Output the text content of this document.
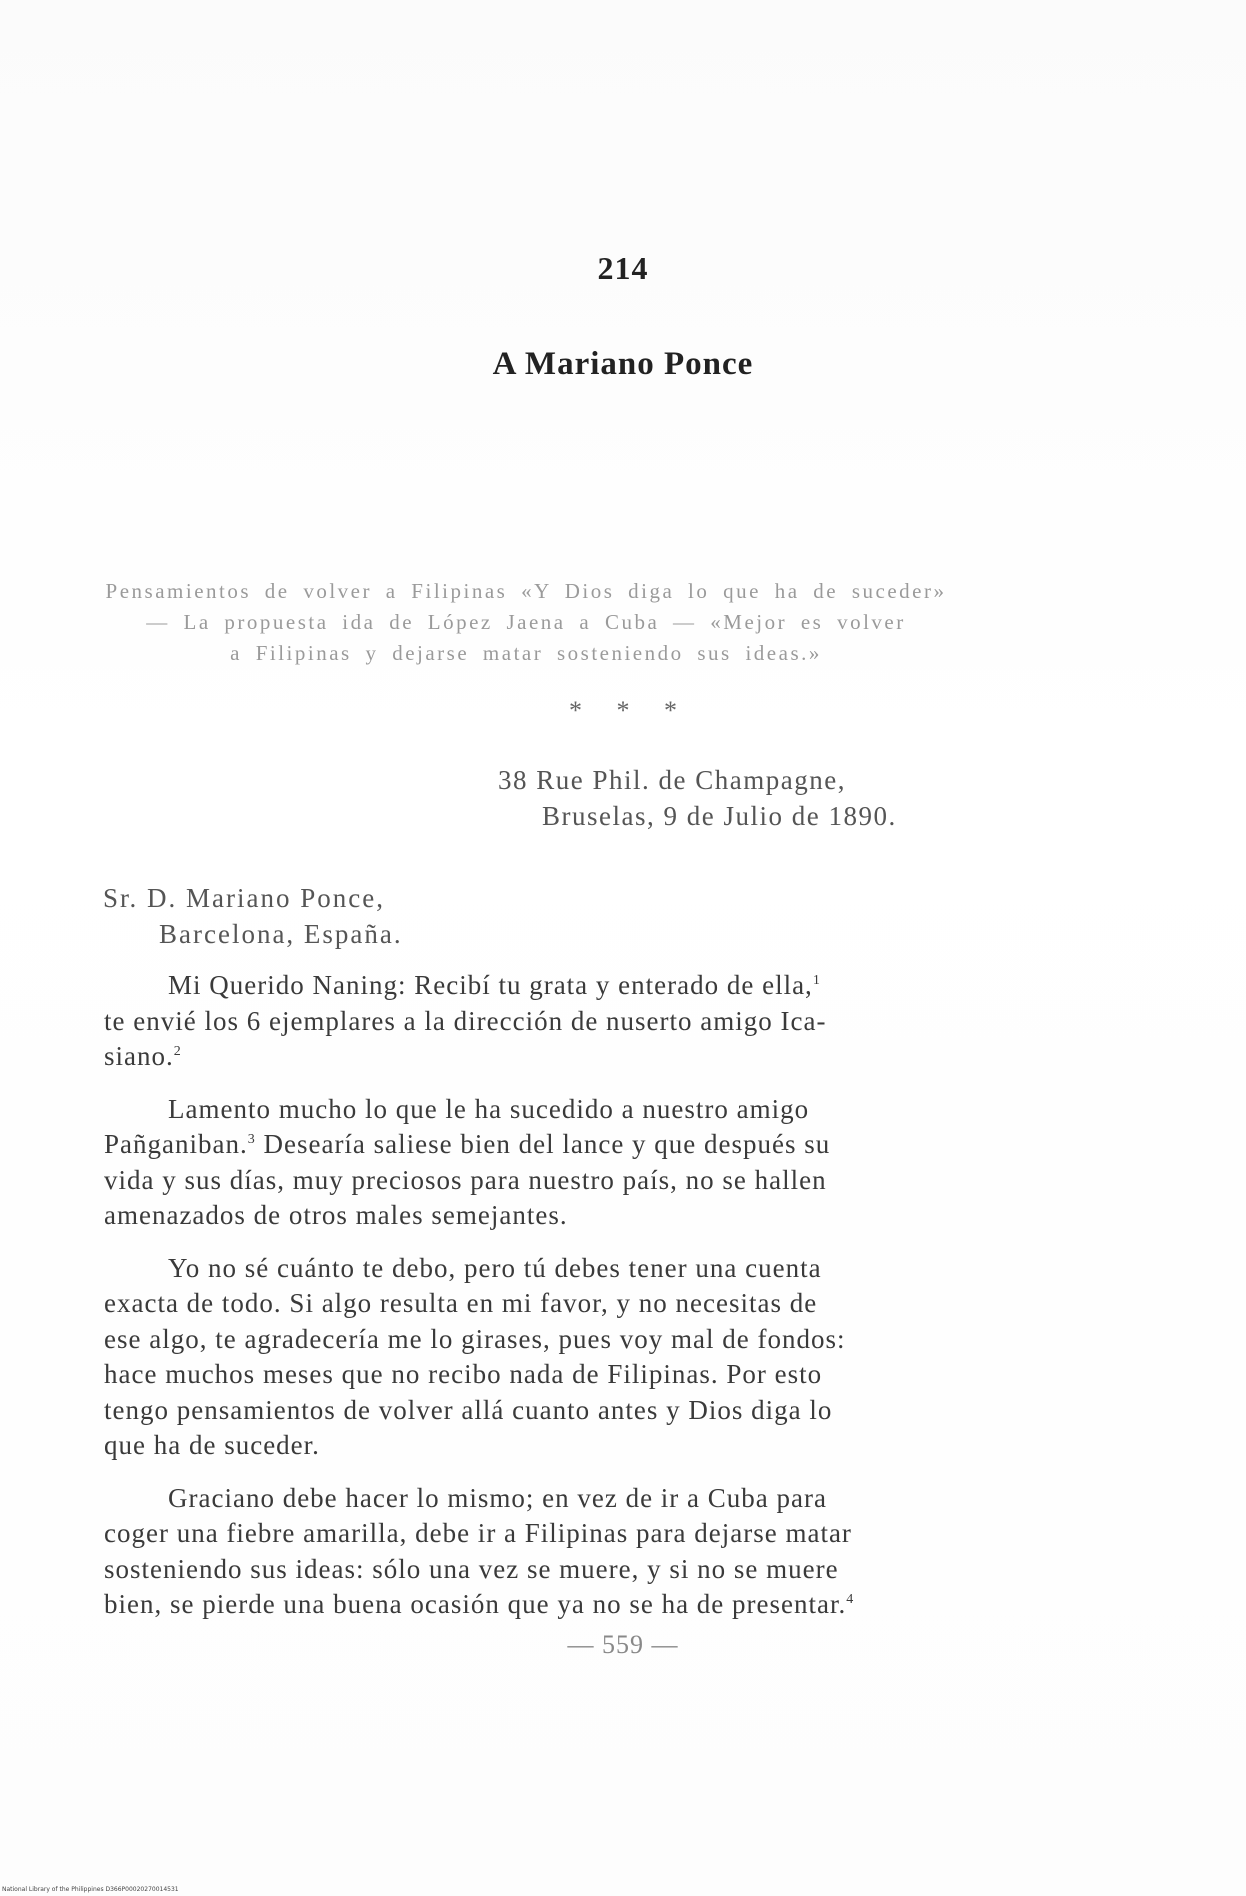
214
A Mariano Ponce
Pensamientos de volver a Filipinas «Y Dios diga lo que ha de suceder»
— La propuesta ida de López Jaena a Cuba — «Mejor es volver
a Filipinas y dejarse matar sosteniendo sus ideas.»
* * *
38 Rue Phil. de Champagne,
Bruselas, 9 de Julio de 1890.
Sr. D. Mariano Ponce,
Barcelona, España.
Mi Querido Naning: Recibí tu grata y enterado de ella,$^1$
te envié los 6 ejemplares a la dirección de nuserto amigo Ica-
siano.$^2$
Lamento mucho lo que le ha sucedido a nuestro amigo
Pañganiban.$^3$ Desearía saliese bien del lance y que después su
vida y sus días, muy preciosos para nuestro país, no se hallen
amenazados de otros males semejantes.
Yo no sé cuánto te debo, pero tú debes tener una cuenta
exacta de todo. Si algo resulta en mi favor, y no necesitas de
ese algo, te agradecería me lo girases, pues voy mal de fondos:
hace muchos meses que no recibo nada de Filipinas. Por esto
tengo pensamientos de volver allá cuanto antes y Dios diga lo
que ha de suceder.
Graciano debe hacer lo mismo; en vez de ir a Cuba para
coger una fiebre amarilla, debe ir a Filipinas para dejarse matar
sosteniendo sus ideas: sólo una vez se muere, y si no se muere
bien, se pierde una buena ocasión que ya no se ha de presentar.$^4$
— 559 —
National Library of the Philippines D366P00020270014531
